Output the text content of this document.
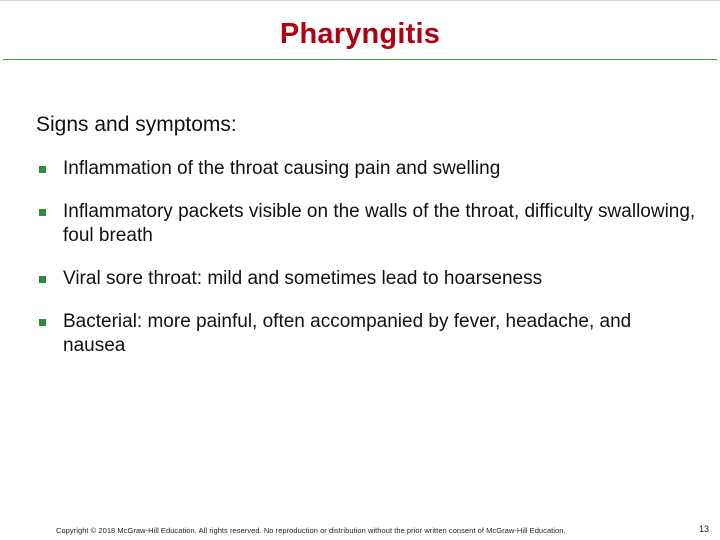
Pharyngitis
Signs and symptoms:
Inflammation of the throat causing pain and swelling
Inflammatory packets visible on the walls of the throat, difficulty swallowing, foul breath
Viral sore throat: mild and sometimes lead to hoarseness
Bacterial: more painful, often accompanied by fever, headache, and nausea
Copyright © 2018 McGraw-Hill Education. All rights reserved. No reproduction or distribution without the prior written consent of McGraw-Hill Education.	13
